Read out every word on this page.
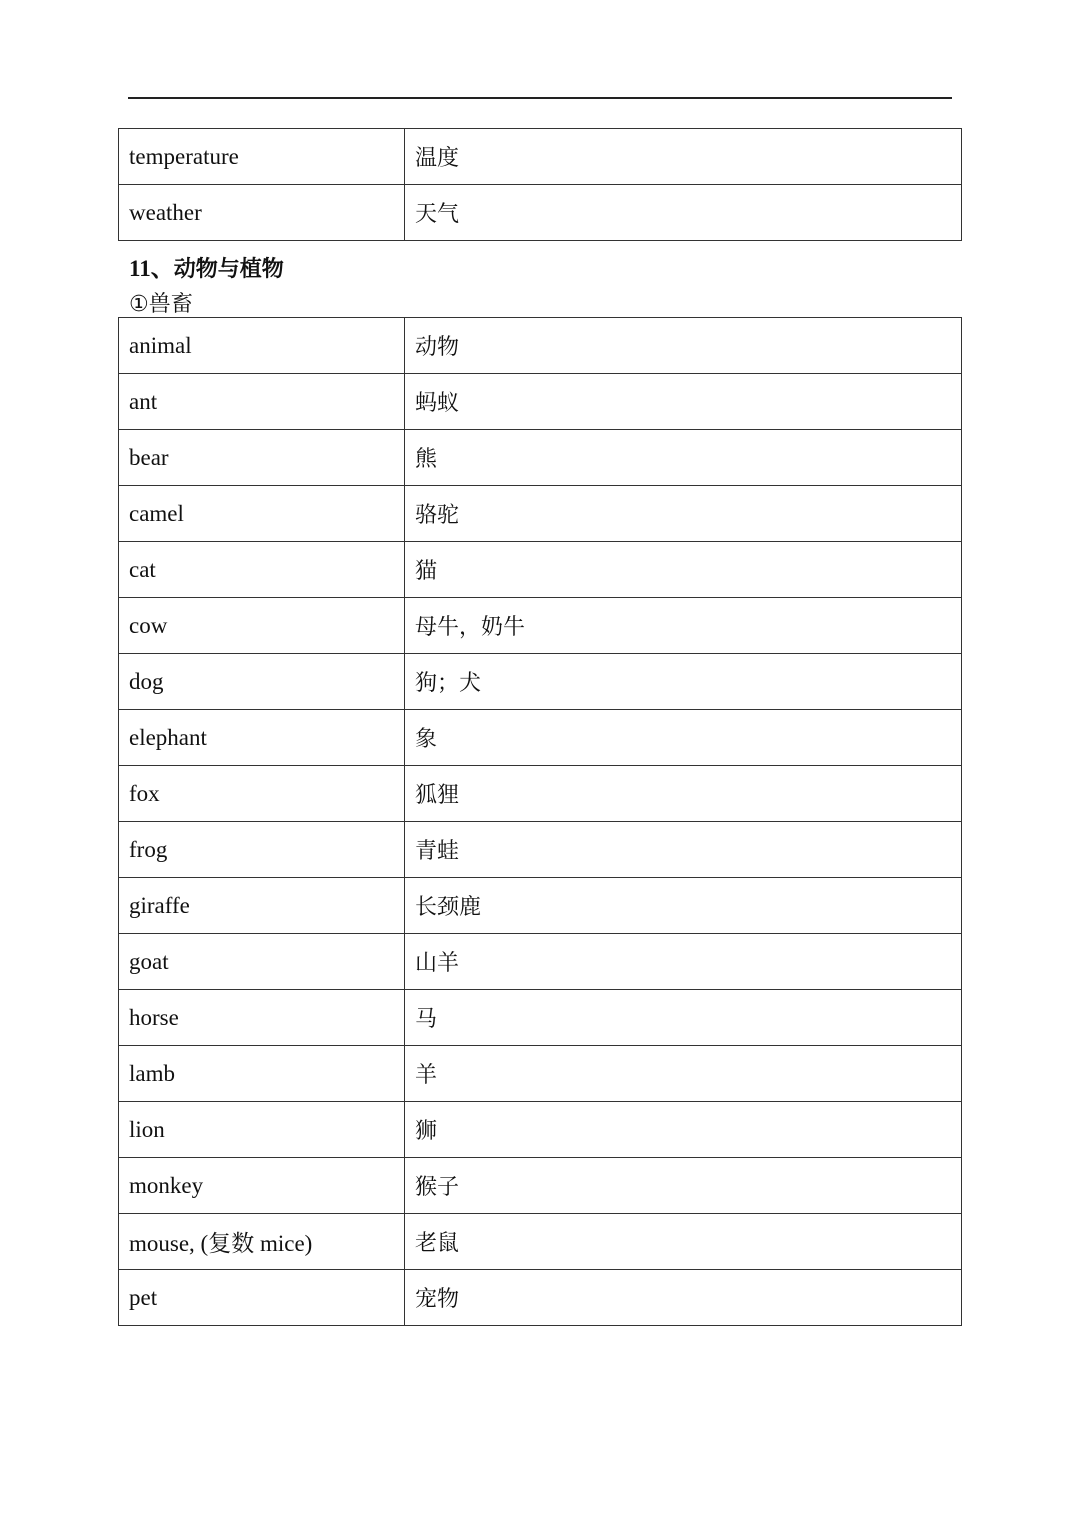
temperature	温度
weather	天气
11、动物与植物
①兽畜
animal	动物
ant	蚂蚁
bear	熊
camel	骆驼
cat	猫
cow	母牛，奶牛
dog	狗；犬
elephant	象
fox	狐狸
frog	青蛙
giraffe	长颈鹿
goat	山羊
horse	马
lamb	羊
lion	狮
monkey	猴子
mouse, (复数 mice)	老鼠
pet	宠物
